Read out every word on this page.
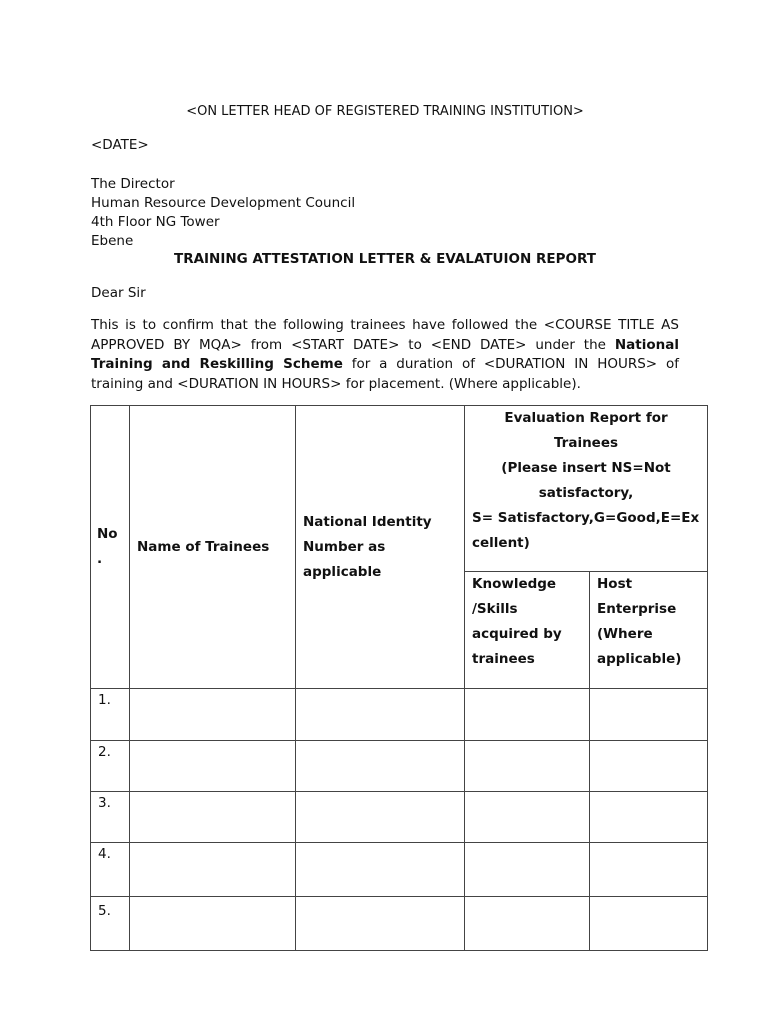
<ON LETTER HEAD OF REGISTERED TRAINING INSTITUTION>
<DATE>
The Director
Human Resource Development Council
4th Floor NG Tower
Ebene
TRAINING ATTESTATION LETTER & EVALATUION REPORT
Dear Sir
This is to confirm that the following trainees have followed the <COURSE TITLE AS APPROVED BY MQA> from <START DATE> to <END DATE> under the National Training and Reskilling Scheme for a duration of <DURATION IN HOURS> of training and <DURATION IN HOURS> for placement. (Where applicable).
No .	Name of Trainees	National Identity Number as applicable	Evaluation Report for Trainees
(Please insert NS=Not satisfactory,
S= Satisfactory,G=Good,E=Excellent)	

			Knowledge /Skills acquired by trainees	Host Enterprise (Where applicable)
1.				
2.				
3.				
4.				
5.				
